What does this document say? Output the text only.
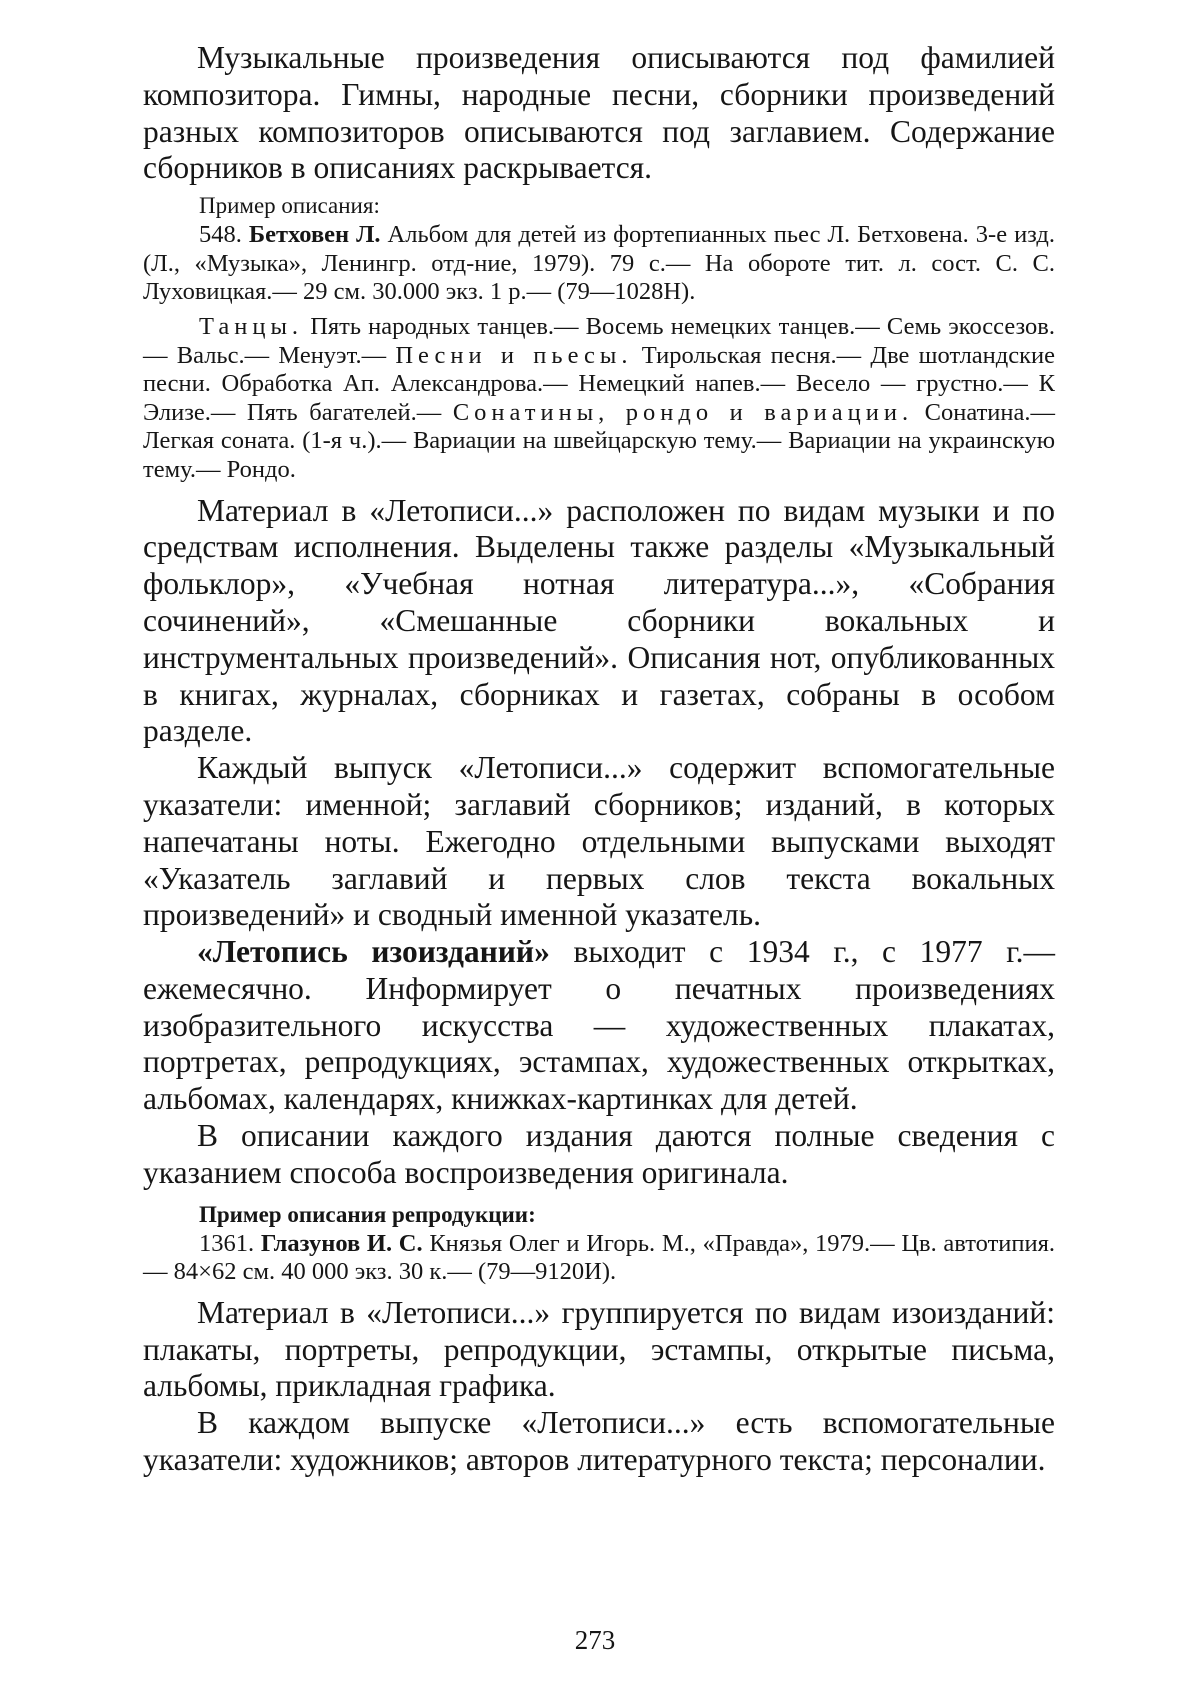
Музыкальные произведения описываются под фамилией композитора. Гимны, народные песни, сборники произведений разных композиторов описываются под заглавием. Содержание сборников в описаниях раскрывается.

Пример описания:

548. Бетховен Л. Альбом для детей из фортепианных пьес Л. Бетховена. 3-е изд. (Л., «Музыка», Ленингр. отд-ние, 1979). 79 с.— На обороте тит. л. сост. С. С. Луховицкая.— 29 см. 30.000 экз. 1 р.— (79—1028Н).

Танцы. Пять народных танцев.— Восемь немецких танцев.— Семь экоссезов.— Вальс.— Менуэт.— Песни и пьесы. Тирольская песня.— Две шотландские песни. Обработка Ап. Александрова.— Немецкий напев.— Весело — грустно.— К Элизе.— Пять багателей.— Сонатины, рондо и вариации. Сонатина.— Легкая соната. (1-я ч.).— Вариации на швейцарскую тему.— Вариации на украинскую тему.— Рондо.

Материал в «Летописи...» расположен по видам музыки и по средствам исполнения. Выделены также разделы «Музыкальный фольклор», «Учебная нотная литература...», «Собрания сочинений», «Смешанные сборники вокальных и инструментальных произведений». Описания нот, опубликованных в книгах, журналах, сборниках и газетах, собраны в особом разделе.

Каждый выпуск «Летописи...» содержит вспомогательные указатели: именной; заглавий сборников; изданий, в которых напечатаны ноты. Ежегодно отдельными выпусками выходят «Указатель заглавий и первых слов текста вокальных произведений» и сводный именной указатель.

«Летопись изоизданий» выходит с 1934 г., с 1977 г.— ежемесячно. Информирует о печатных произведениях изобразительного искусства — художественных плакатах, портретах, репродукциях, эстампах, художественных открытках, альбомах, календарях, книжках-картинках для детей.

В описании каждого издания даются полные сведения с указанием способа воспроизведения оригинала.

Пример описания репродукции:

1361. Глазунов И. С. Князья Олег и Игорь. М., «Правда», 1979.— Цв. автотипия.— 84×62 см. 40 000 экз. 30 к.— (79—9120И).

Материал в «Летописи...» группируется по видам изоизданий: плакаты, портреты, репродукции, эстампы, открытые письма, альбомы, прикладная графика.

В каждом выпуске «Летописи...» есть вспомогательные указатели: художников; авторов литературного текста; персоналии.

273
